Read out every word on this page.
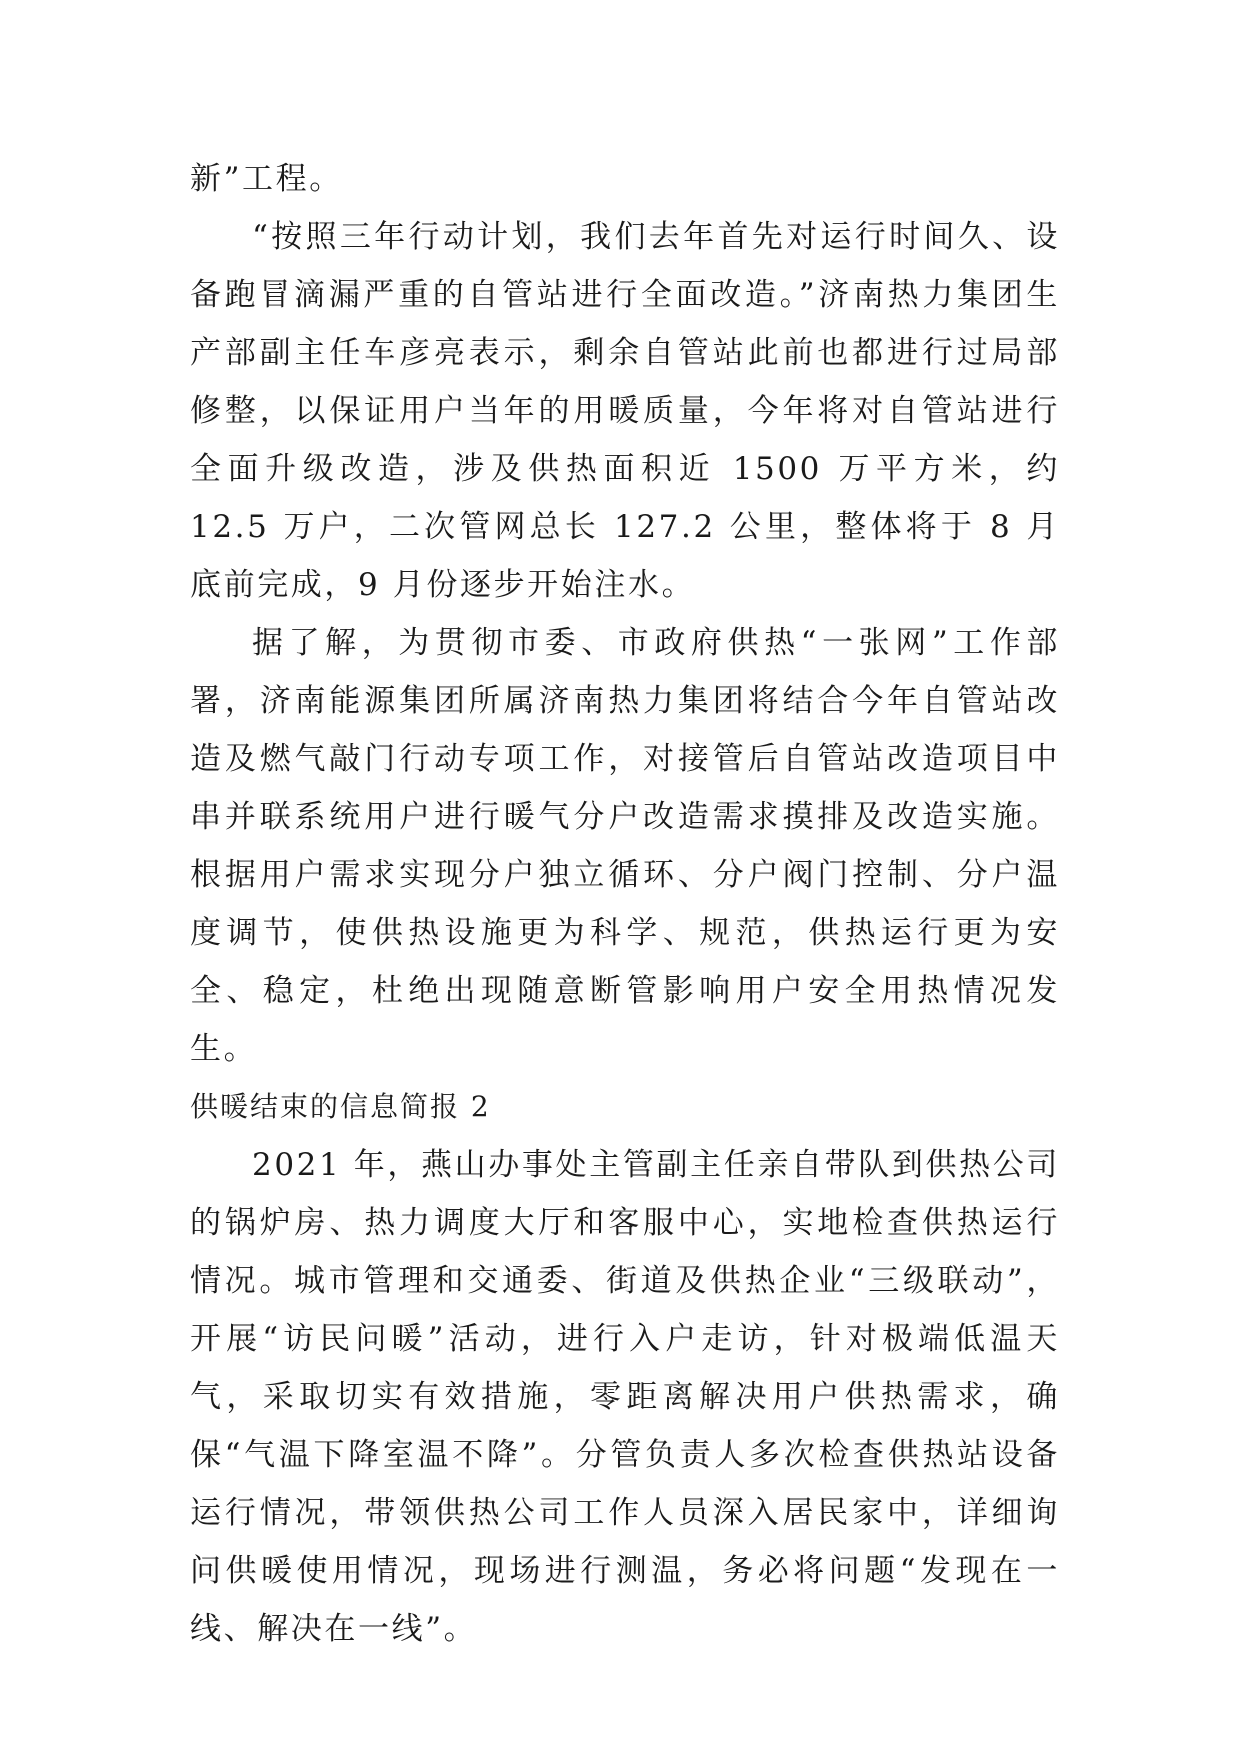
新”工程。

“按照三年行动计划，我们去年首先对运行时间久、设备跑冒滴漏严重的自管站进行全面改造。”济南热力集团生产部副主任车彦亮表示，剩余自管站此前也都进行过局部修整，以保证用户当年的用暖质量，今年将对自管站进行全面升级改造，涉及供热面积近 1500 万平方米，约 12.5 万户，二次管网总长 127.2 公里，整体将于 8 月底前完成，9 月份逐步开始注水。

据了解，为贯彻市委、市政府供热“一张网”工作部署，济南能源集团所属济南热力集团将结合今年自管站改造及燃气敲门行动专项工作，对接管后自管站改造项目中串并联系统用户进行暖气分户改造需求摸排及改造实施。根据用户需求实现分户独立循环、分户阀门控制、分户温度调节，使供热设施更为科学、规范，供热运行更为安全、稳定，杜绝出现随意断管影响用户安全用热情况发生。

供暖结束的信息简报 2

2021 年，燕山办事处主管副主任亲自带队到供热公司的锅炉房、热力调度大厅和客服中心，实地检查供热运行情况。城市管理和交通委、街道及供热企业“三级联动”，开展“访民问暖”活动，进行入户走访，针对极端低温天气，采取切实有效措施，零距离解决用户供热需求，确保“气温下降室温不降”。分管负责人多次检查供热站设备运行情况，带领供热公司工作人员深入居民家中，详细询问供暖使用情况，现场进行测温，务必将问题“发现在一线、解决在一线”。
